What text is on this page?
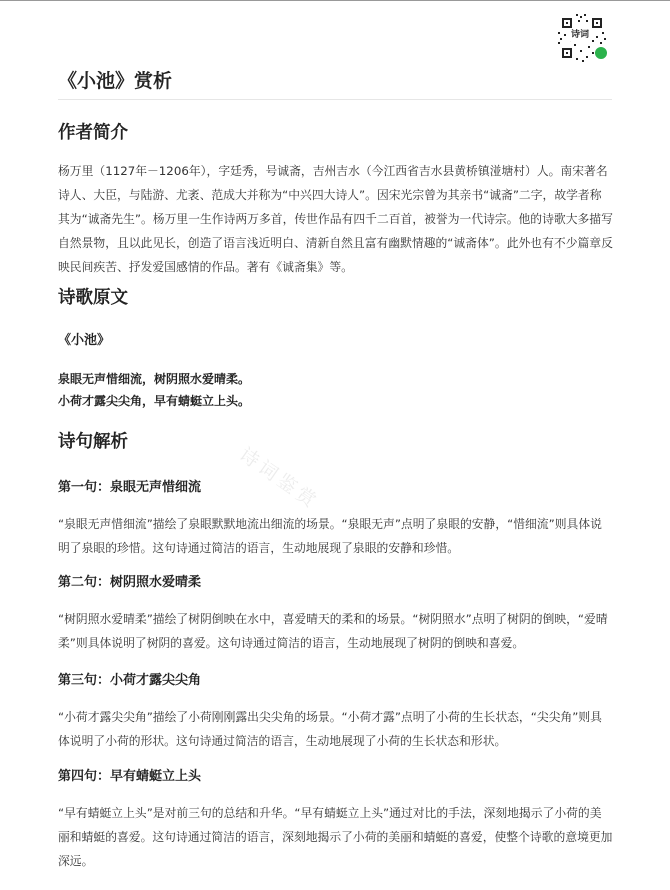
诗词
《小池》赏析
作者简介
杨万里（1127年－1206年），字廷秀，号诚斋，吉州吉水（今江西省吉水县黄桥镇湴塘村）人。南宋著名诗人、大臣，与陆游、尤袤、范成大并称为“中兴四大诗人”。因宋光宗曾为其亲书“诚斋”二字，故学者称其为“诚斋先生”。杨万里一生作诗两万多首，传世作品有四千二百首，被誉为一代诗宗。他的诗歌大多描写自然景物，且以此见长，创造了语言浅近明白、清新自然且富有幽默情趣的“诚斋体”。此外也有不少篇章反映民间疾苦、抒发爱国感情的作品。著有《诚斋集》等。
诗歌原文
《小池》
泉眼无声惜细流，树阴照水爱晴柔。
小荷才露尖尖角，早有蜻蜓立上头。
诗句解析
第一句：泉眼无声惜细流
“泉眼无声惜细流”描绘了泉眼默默地流出细流的场景。“泉眼无声”点明了泉眼的安静，“惜细流”则具体说明了泉眼的珍惜。这句诗通过简洁的语言，生动地展现了泉眼的安静和珍惜。
第二句：树阴照水爱晴柔
“树阴照水爱晴柔”描绘了树阴倒映在水中，喜爱晴天的柔和的场景。“树阴照水”点明了树阴的倒映，“爱晴柔”则具体说明了树阴的喜爱。这句诗通过简洁的语言，生动地展现了树阴的倒映和喜爱。
第三句：小荷才露尖尖角
“小荷才露尖尖角”描绘了小荷刚刚露出尖尖角的场景。“小荷才露”点明了小荷的生长状态，“尖尖角”则具体说明了小荷的形状。这句诗通过简洁的语言，生动地展现了小荷的生长状态和形状。
第四句：早有蜻蜓立上头
“早有蜻蜓立上头”是对前三句的总结和升华。“早有蜻蜓立上头”通过对比的手法，深刻地揭示了小荷的美丽和蜻蜓的喜爱。这句诗通过简洁的语言，深刻地揭示了小荷的美丽和蜻蜓的喜爱，使整个诗歌的意境更加深远。
诗词鉴赏
